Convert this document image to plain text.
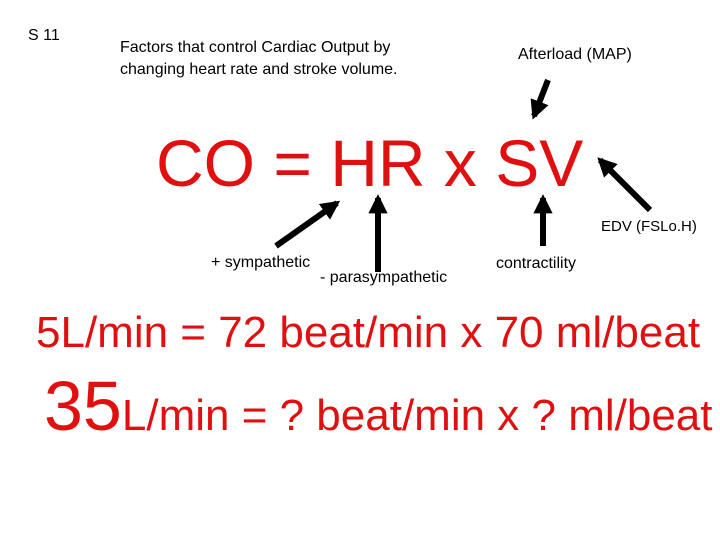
S 11
Factors that control Cardiac Output by changing heart rate and stroke volume.
Afterload (MAP)
CO = HR x SV
EDV (FSLo.H)
+ sympathetic
- parasympathetic
contractility
5L/min = 72 beat/min x 70 ml/beat
35L/min = ? beat/min x ? ml/beat
